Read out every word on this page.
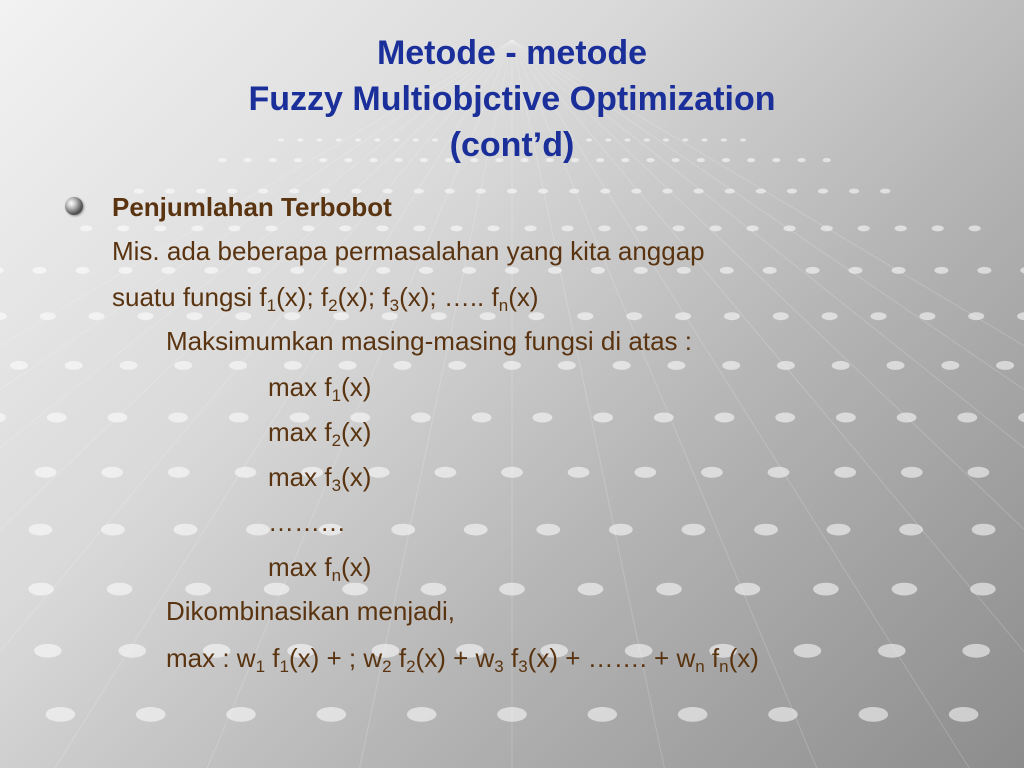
Metode - metode
Fuzzy Multiobjctive Optimization
(cont’d)
Penjumlahan Terbobot
Mis. ada beberapa permasalahan yang kita anggap
suatu fungsi $f_1(x)$; $f_2(x)$; $f_3(x)$; ….. $f_n(x)$
Maksimumkan masing-masing fungsi di atas :
$\max f_1(x)$
$\max f_2(x)$
$\max f_3(x)$
………
$\max f_n(x)$
Dikombinasikan menjadi,
max : $w_1$ $f_1(x)$ + ; $w_2$ $f_2(x) + w_3$ $f_3(x)$ + ……. + $w_n$ $f_n(x)$
